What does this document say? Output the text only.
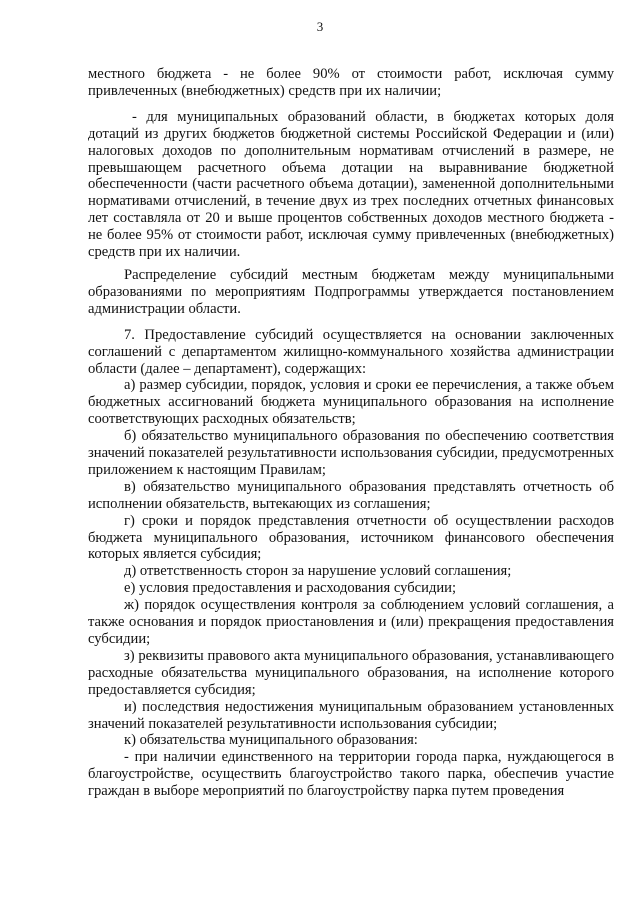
3

местного бюджета - не более 90% от стоимости работ, исключая сумму привлеченных (внебюджетных) средств при их наличии;

- для муниципальных образований области, в бюджетах которых доля дотаций из других бюджетов бюджетной системы Российской Федерации и (или) налоговых доходов по дополнительным нормативам отчислений в размере, не превышающем расчетного объема дотации на выравнивание бюджетной обеспеченности (части расчетного объема дотации), замененной дополнительными нормативами отчислений, в течение двух из трех последних отчетных финансовых лет составляла от 20 и выше процентов собственных доходов местного бюджета - не более 95% от стоимости работ, исключая сумму привлеченных (внебюджетных) средств при их наличии.

Распределение субсидий местным бюджетам между муниципальными образованиями по мероприятиям Подпрограммы утверждается постановлением администрации области.

7. Предоставление субсидий осуществляется на основании заключенных соглашений с департаментом жилищно-коммунального хозяйства администрации области (далее – департамент), содержащих:

а) размер субсидии, порядок, условия и сроки ее перечисления, а также объем бюджетных ассигнований бюджета муниципального образования на исполнение соответствующих расходных обязательств;

б) обязательство муниципального образования по обеспечению соответствия значений показателей результативности использования субсидии, предусмотренных приложением к настоящим Правилам;

в) обязательство муниципального образования представлять отчетность об исполнении обязательств, вытекающих из соглашения;

г) сроки и порядок представления отчетности об осуществлении расходов бюджета муниципального образования, источником финансового обеспечения которых является субсидия;

д) ответственность сторон за нарушение условий соглашения;

е) условия предоставления и расходования субсидии;

ж) порядок осуществления контроля за соблюдением условий соглашения, а также основания и порядок приостановления и (или) прекращения предоставления субсидии;

з) реквизиты правового акта муниципального образования, устанавливающего расходные обязательства муниципального образования, на исполнение которого предоставляется субсидия;

и) последствия недостижения муниципальным образованием установленных значений показателей результативности использования субсидии;

к) обязательства муниципального образования:

- при наличии единственного на территории города парка, нуждающегося в благоустройстве, осуществить благоустройство такого парка, обеспечив участие граждан в выборе мероприятий по благоустройству парка путем проведения
